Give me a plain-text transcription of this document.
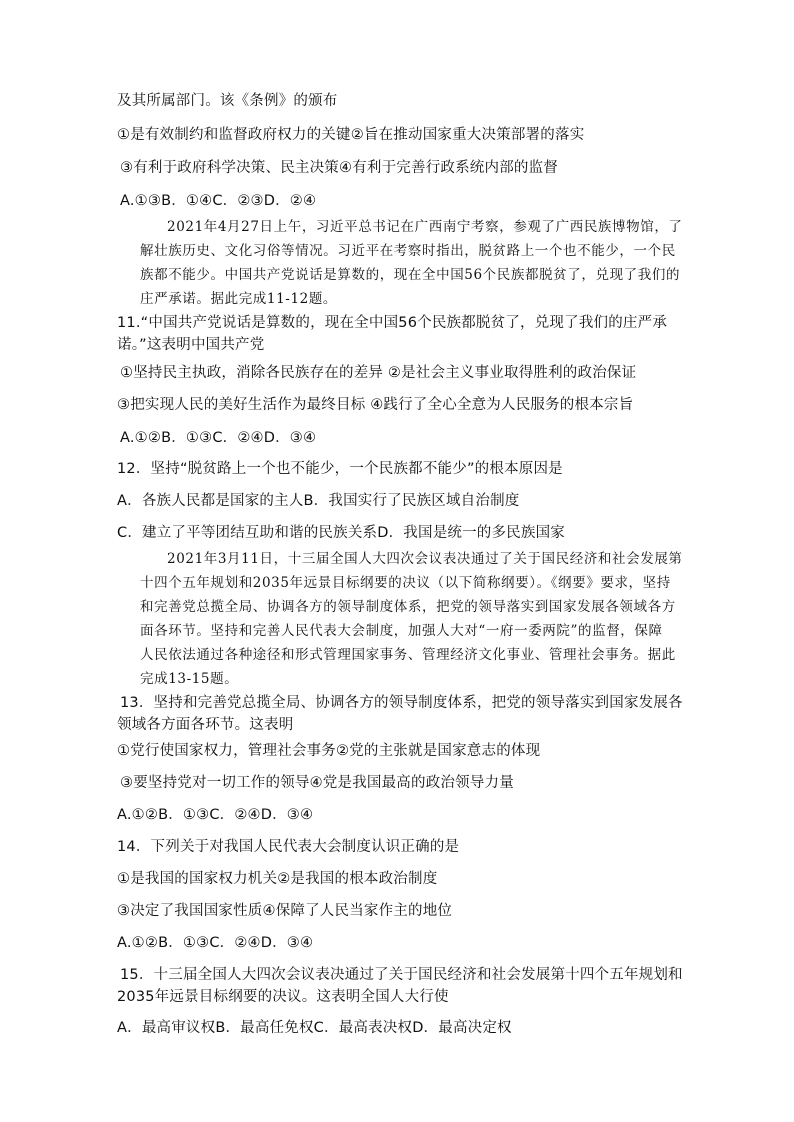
及其所属部门。该《条例》的颁布
①是有效制约和监督政府权力的关键②旨在推动国家重大决策部署的落实
③有利于政府科学决策、民主决策④有利于完善行政系统内部的监督
A.①③B．①④C．②③D．②④

2021年4月27日上午，习近平总书记在广西南宁考察，参观了广西民族博物馆，了

解壮族历史、文化习俗等情况。习近平在考察时指出，脱贫路上一个也不能少，一个民

族都不能少。中国共产党说话是算数的，现在全中国56个民族都脱贫了，兑现了我们的

庄严承诺。据此完成11-12题。

11.“中国共产党说话是算数的，现在全中国56个民族都脱贫了，兑现了我们的庄严承
诺。”这表明中国共产党
①坚持民主执政，消除各民族存在的差异 ②是社会主义事业取得胜利的政治保证
③把实现人民的美好生活作为最终目标 ④践行了全心全意为人民服务的根本宗旨
A.①②B．①③C．②④D．③④
12．坚持“脱贫路上一个也不能少，一个民族都不能少”的根本原因是
A．各族人民都是国家的主人B．我国实行了民族区域自治制度
C．建立了平等团结互助和谐的民族关系D．我国是统一的多民族国家

2021年3月11日，十三届全国人大四次会议表决通过了关于国民经济和社会发展第

十四个五年规划和2035年远景目标纲要的决议（以下简称纲要）。《纲要》要求，坚持

和完善党总揽全局、协调各方的领导制度体系，把党的领导落实到国家发展各领域各方

面各环节。坚持和完善人民代表大会制度，加强人大对“一府一委两院”的监督，保障

人民依法通过各种途径和形式管理国家事务、管理经济文化事业、管理社会事务。据此

完成13-15题。

13．坚持和完善党总揽全局、协调各方的领导制度体系，把党的领导落实到国家发展各
领域各方面各环节。这表明
①党行使国家权力，管理社会事务②党的主张就是国家意志的体现
③要坚持党对一切工作的领导④党是我国最高的政治领导力量
A.①②B．①③C．②④D．③④
14．下列关于对我国人民代表大会制度认识正确的是
①是我国的国家权力机关②是我国的根本政治制度
③决定了我国国家性质④保障了人民当家作主的地位
A.①②B．①③C．②④D．③④
15．十三届全国人大四次会议表决通过了关于国民经济和社会发展第十四个五年规划和
2035年远景目标纲要的决议。这表明全国人大行使
A．最高审议权B．最高任免权C．最高表决权D．最高决定权
